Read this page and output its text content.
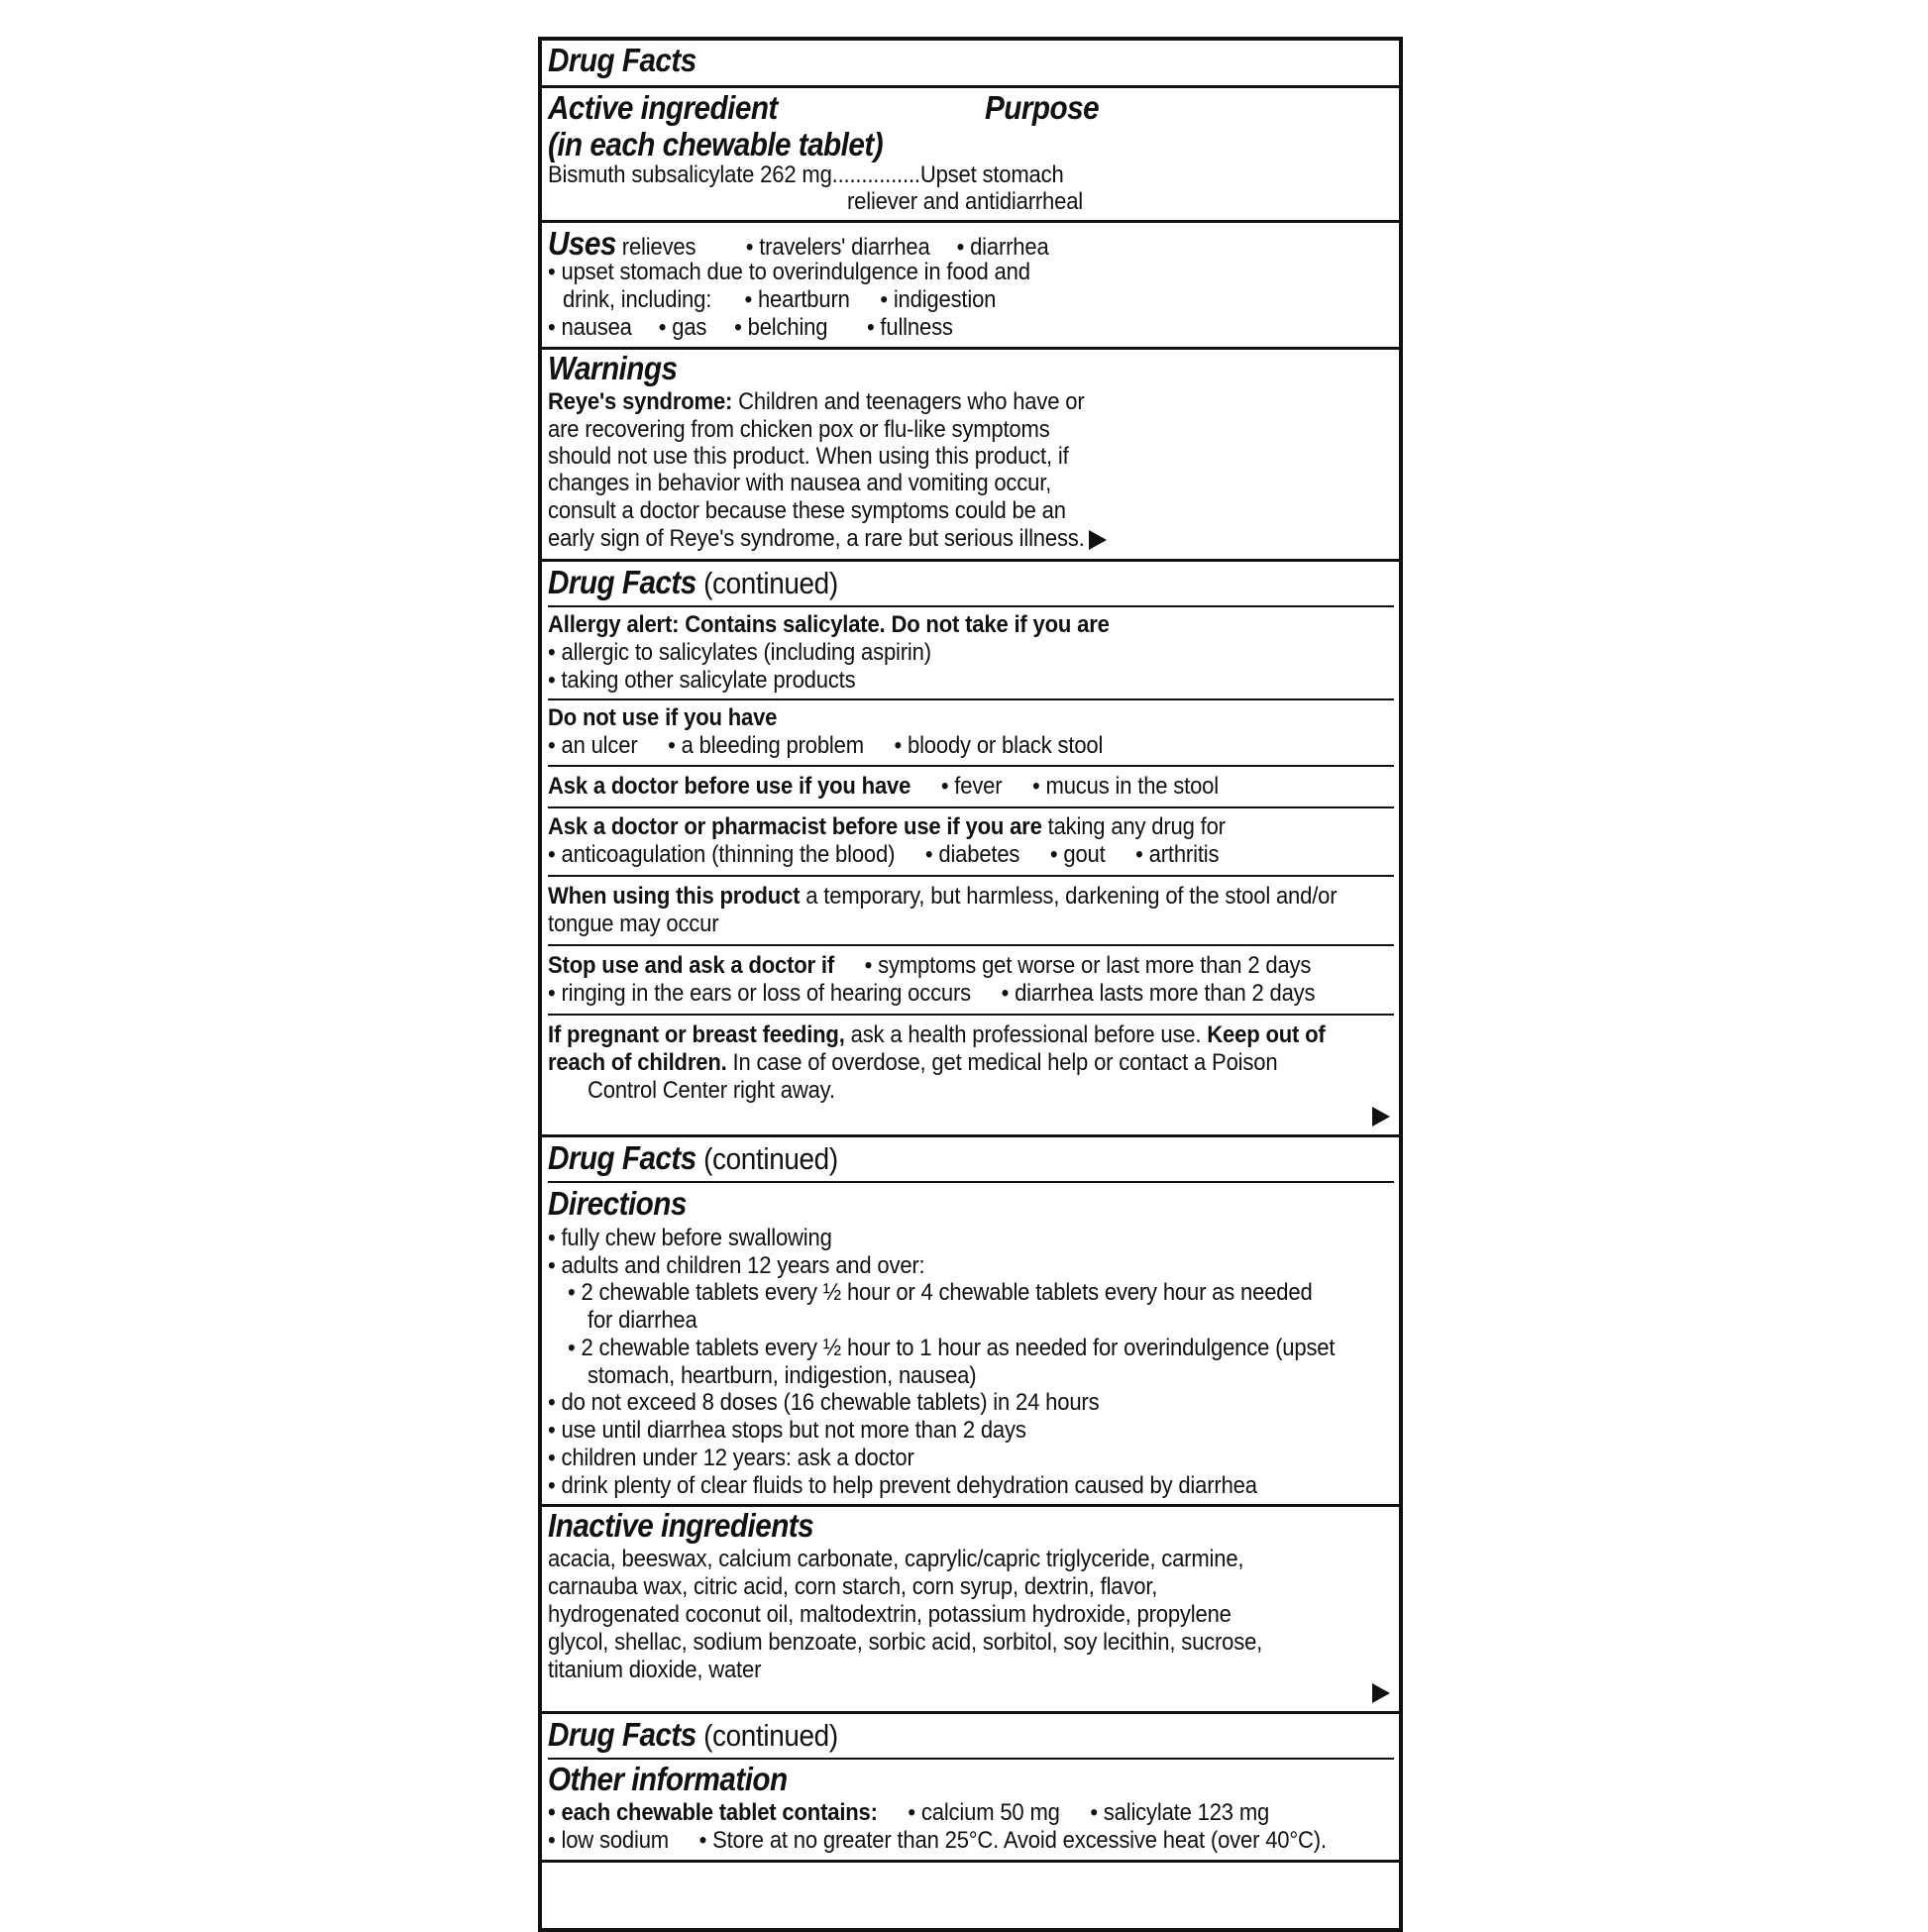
Drug Facts
Active ingredient	Purpose
(in each chewable tablet)
Bismuth subsalicylate 262 mg...............Upset stomach
reliever and antidiarrheal
Uses relieves • travelers' diarrhea • diarrhea
• upset stomach due to overindulgence in food and
drink, including: • heartburn • indigestion
• nausea • gas • belching • fullness
Warnings
Reye's syndrome: Children and teenagers who have or
are recovering from chicken pox or flu-like symptoms
should not use this product. When using this product, if
changes in behavior with nausea and vomiting occur,
consult a doctor because these symptoms could be an
early sign of Reye's syndrome, a rare but serious illness.
Drug Facts (continued)
Allergy alert: Contains salicylate. Do not take if you are
• allergic to salicylates (including aspirin)
• taking other salicylate products
Do not use if you have
• an ulcer • a bleeding problem • bloody or black stool
Ask a doctor before use if you have • fever • mucus in the stool
Ask a doctor or pharmacist before use if you are taking any drug for
• anticoagulation (thinning the blood) • diabetes • gout • arthritis
When using this product a temporary, but harmless, darkening of the stool and/or
tongue may occur
Stop use and ask a doctor if • symptoms get worse or last more than 2 days
• ringing in the ears or loss of hearing occurs • diarrhea lasts more than 2 days
If pregnant or breast feeding, ask a health professional before use. Keep out of
reach of children. In case of overdose, get medical help or contact a Poison
Control Center right away.
Drug Facts (continued)
Directions
• fully chew before swallowing
• adults and children 12 years and over:
• 2 chewable tablets every ½ hour or 4 chewable tablets every hour as needed
for diarrhea
• 2 chewable tablets every ½ hour to 1 hour as needed for overindulgence (upset
stomach, heartburn, indigestion, nausea)
• do not exceed 8 doses (16 chewable tablets) in 24 hours
• use until diarrhea stops but not more than 2 days
• children under 12 years: ask a doctor
• drink plenty of clear fluids to help prevent dehydration caused by diarrhea
Inactive ingredients
acacia, beeswax, calcium carbonate, caprylic/capric triglyceride, carmine,
carnauba wax, citric acid, corn starch, corn syrup, dextrin, flavor,
hydrogenated coconut oil, maltodextrin, potassium hydroxide, propylene
glycol, shellac, sodium benzoate, sorbic acid, sorbitol, soy lecithin, sucrose,
titanium dioxide, water
Drug Facts (continued)
Other information
• each chewable tablet contains: • calcium 50 mg • salicylate 123 mg
• low sodium • Store at no greater than 25°C. Avoid excessive heat (over 40°C).
